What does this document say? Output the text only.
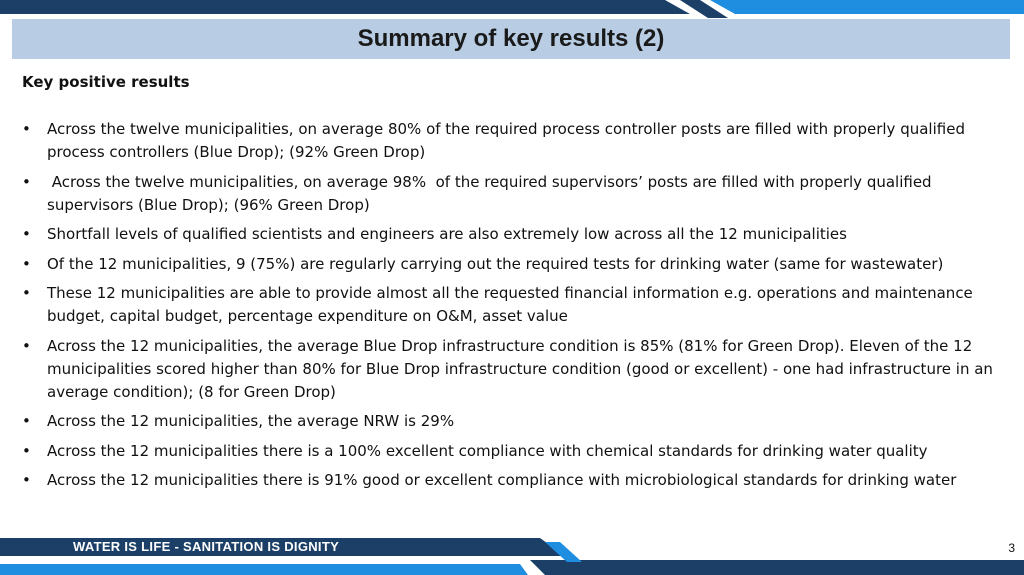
Summary of key results (2)
Key positive results
• Across the twelve municipalities, on average 80% of the required process controller posts are filled with properly qualified process controllers (Blue Drop); (92% Green Drop)
• Across the twelve municipalities, on average 98%  of the required supervisors’ posts are filled with properly qualified supervisors (Blue Drop); (96% Green Drop)
• Shortfall levels of qualified scientists and engineers are also extremely low across all the 12 municipalities
• Of the 12 municipalities, 9 (75%) are regularly carrying out the required tests for drinking water (same for wastewater)
• These 12 municipalities are able to provide almost all the requested financial information e.g. operations and maintenance budget, capital budget, percentage expenditure on O&M, asset value
• Across the 12 municipalities, the average Blue Drop infrastructure condition is 85% (81% for Green Drop). Eleven of the 12 municipalities scored higher than 80% for Blue Drop infrastructure condition (good or excellent) - one had infrastructure in an average condition); (8 for Green Drop)
• Across the 12 municipalities, the average NRW is 29%
• Across the 12 municipalities there is a 100% excellent compliance with chemical standards for drinking water quality
• Across the 12 municipalities there is 91% good or excellent compliance with microbiological standards for drinking water
WATER IS LIFE - SANITATION IS DIGNITY	3
